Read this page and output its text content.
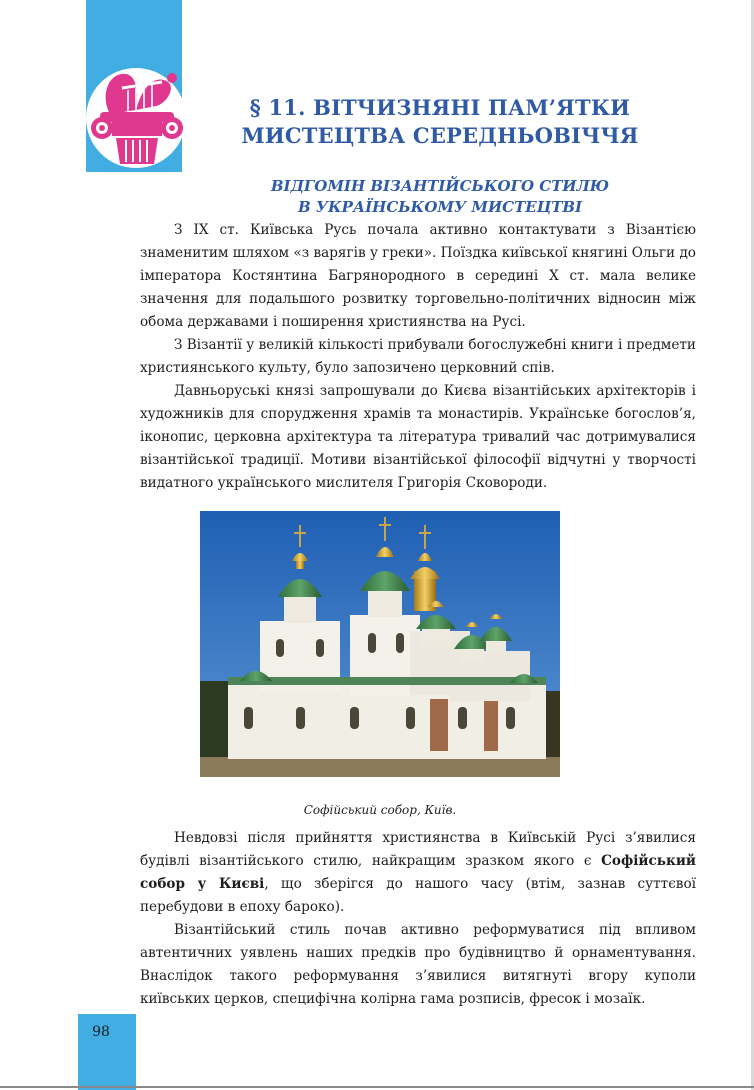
§ 11. ВІТЧИЗНЯНІ ПАМ’ЯТКИ
МИСТЕЦТВА СЕРЕДНЬОВІЧЧЯ
ВІДГОМІН ВІЗАНТІЙСЬКОГО СТИЛЮ
В УКРАЇНСЬКОМУ МИСТЕЦТВІ

З IX ст. Київська Русь почала активно контактувати з Візантією знаменитим шляхом «з варягів у греки». Поїздка київської княгині Ольги до імператора Костянтина Багрянородного в середині X ст. мала велике значення для подальшого розвитку торговельно-політичних відносин між обома державами і поширення християнства на Русі.

З Візантії у великій кількості прибували богослужебні книги і предмети християнського культу, було запозичено церковний спів.

Давньоруські князі запрошували до Києва візантійських архітекторів і художників для спорудження храмів та монастирів. Українське богослов’я, іконопис, церковна архітектура та література тривалий час дотримувалися візантійської традиції. Мотиви візантійської філософії відчутні у творчості видатного українського мислителя Григорія Сковороди.

Софійський собор, Київ.

Невдовзі після прийняття християнства в Київській Русі з’явилися будівлі візантійського стилю, найкращим зразком якого є Софійський собор у Києві, що зберігся до нашого часу (втім, зазнав суттєвої перебудови в епоху бароко).

Візантійський стиль почав активно реформуватися під впливом автентичних уявлень наших предків про будівництво й орнаментування. Внаслідок такого реформування з’явилися витягнуті вгору куполи київських церков, специфічна колірна гама розписів, фресок і мозаїк.

98
